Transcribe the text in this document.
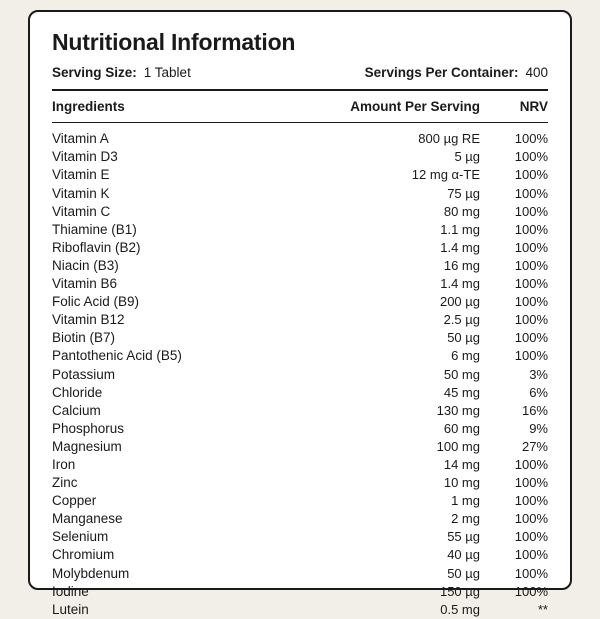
Nutritional Information
Serving Size: 1 Tablet	Servings Per Container: 400
Ingredients	Amount Per Serving	NRV
Vitamin A	800 µg RE	100%
Vitamin D3	5 µg	100%
Vitamin E	12 mg α-TE	100%
Vitamin K	75 µg	100%
Vitamin C	80 mg	100%
Thiamine (B1)	1.1 mg	100%
Riboflavin (B2)	1.4 mg	100%
Niacin (B3)	16 mg	100%
Vitamin B6	1.4 mg	100%
Folic Acid (B9)	200 µg	100%
Vitamin B12	2.5 µg	100%
Biotin (B7)	50 µg	100%
Pantothenic Acid (B5)	6 mg	100%
Potassium	50 mg	3%
Chloride	45 mg	6%
Calcium	130 mg	16%
Phosphorus	60 mg	9%
Magnesium	100 mg	27%
Iron	14 mg	100%
Zinc	10 mg	100%
Copper	1 mg	100%
Manganese	2 mg	100%
Selenium	55 µg	100%
Chromium	40 µg	100%
Molybdenum	50 µg	100%
Iodine	150 µg	100%
Lutein	0.5 mg	**
